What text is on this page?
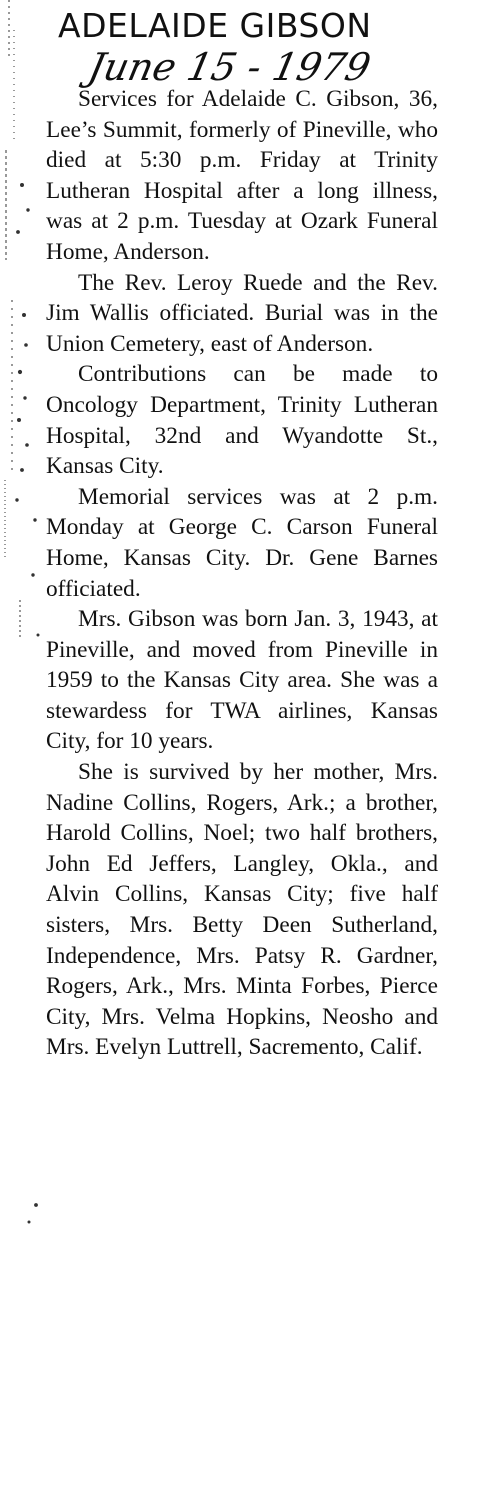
ADELAIDE GIBSON
June 15 - 1979

Services for Adelaide C. Gibson, 36, Lee’s Summit, formerly of Pineville, who died at 5:30 p.m. Friday at Trinity Lutheran Hospital after a long illness, was at 2 p.m. Tuesday at Ozark Funeral Home, Anderson.

The Rev. Leroy Ruede and the Rev. Jim Wallis officiated. Burial was in the Union Cemetery, east of Anderson.

Contributions can be made to Oncology Department, Trinity Lutheran Hospital, 32nd and Wyandotte St., Kansas City.

Memorial services was at 2 p.m. Monday at George C. Carson Funeral Home, Kansas City. Dr. Gene Barnes officiated.

Mrs. Gibson was born Jan. 3, 1943, at Pineville, and moved from Pineville in 1959 to the Kansas City area. She was a stewardess for TWA airlines, Kansas City, for 10 years.

She is survived by her mother, Mrs. Nadine Collins, Rogers, Ark.; a brother, Harold Collins, Noel; two half brothers, John Ed Jeffers, Langley, Okla., and Alvin Collins, Kansas City; five half sisters, Mrs. Betty Deen Sutherland, Independence, Mrs. Patsy R. Gardner, Rogers, Ark., Mrs. Minta Forbes, Pierce City, Mrs. Velma Hopkins, Neosho and Mrs. Evelyn Luttrell, Sacremento, Calif.
